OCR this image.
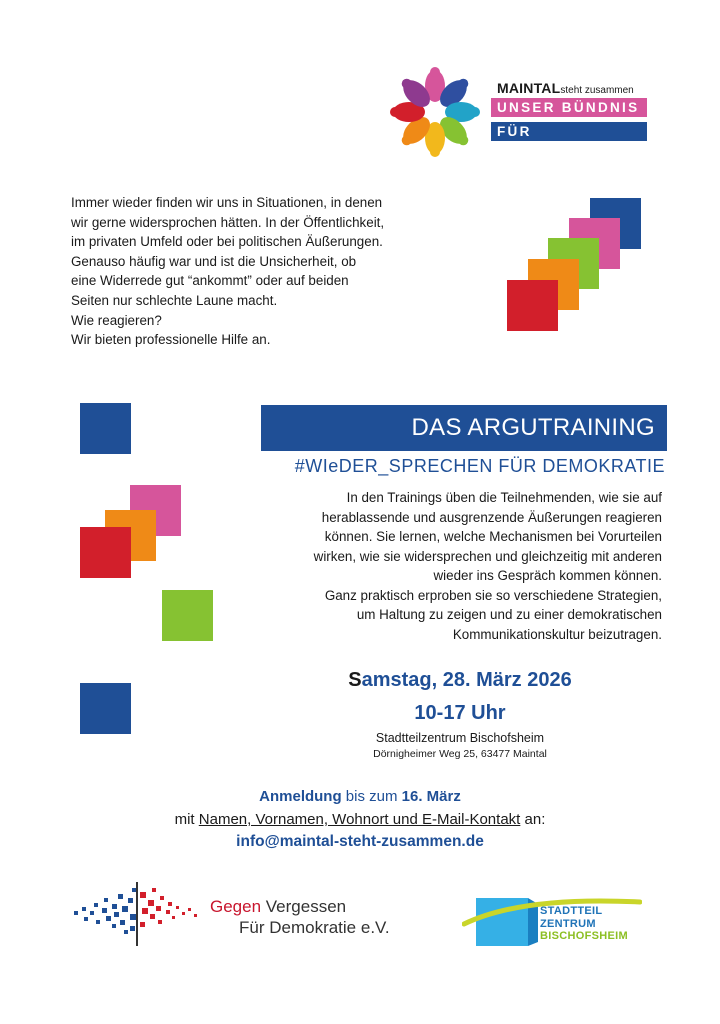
MAINTALsteht zusammen
UNSER BÜNDNIS
FÜR DEMOKRATIE

Immer wieder finden wir uns in Situationen, in denen

wir gerne widersprochen hätten. In der Öffentlichkeit,

im privaten Umfeld oder bei politischen Äußerungen.

Genauso häufig war und ist die Unsicherheit, ob

eine Widerrede gut “ankommt” oder auf beiden

Seiten nur schlechte Laune macht.

Wie reagieren?

Wir bieten professionelle Hilfe an.

DAS ARGUTRAINING
#WIeDER_SPRECHEN FÜR DEMOKRATIE

In den Trainings üben die Teilnehmenden, wie sie auf

herablassende und ausgrenzende Äußerungen reagieren

können. Sie lernen, welche Mechanismen bei Vorurteilen

wirken, wie sie widersprechen und gleichzeitig mit anderen

wieder ins Gespräch kommen können.

Ganz praktisch erproben sie so verschiedene Strategien,

um Haltung zu zeigen und zu einer demokratischen

Kommunikationskultur beizutragen.

Samstag, 28. März 2026
10-17 Uhr
Stadtteilzentrum Bischofsheim
Dörnigheimer Weg 25, 63477 Maintal
Anmeldung bis zum 16. März
mit Namen, Vornamen, Wohnort und E-Mail-Kontakt an:
info@maintal-steht-zusammen.de
Gegen Vergessen
Für Demokratie e.V.
STADTTEIL
ZENTRUM
BISCHOFSHEIM
